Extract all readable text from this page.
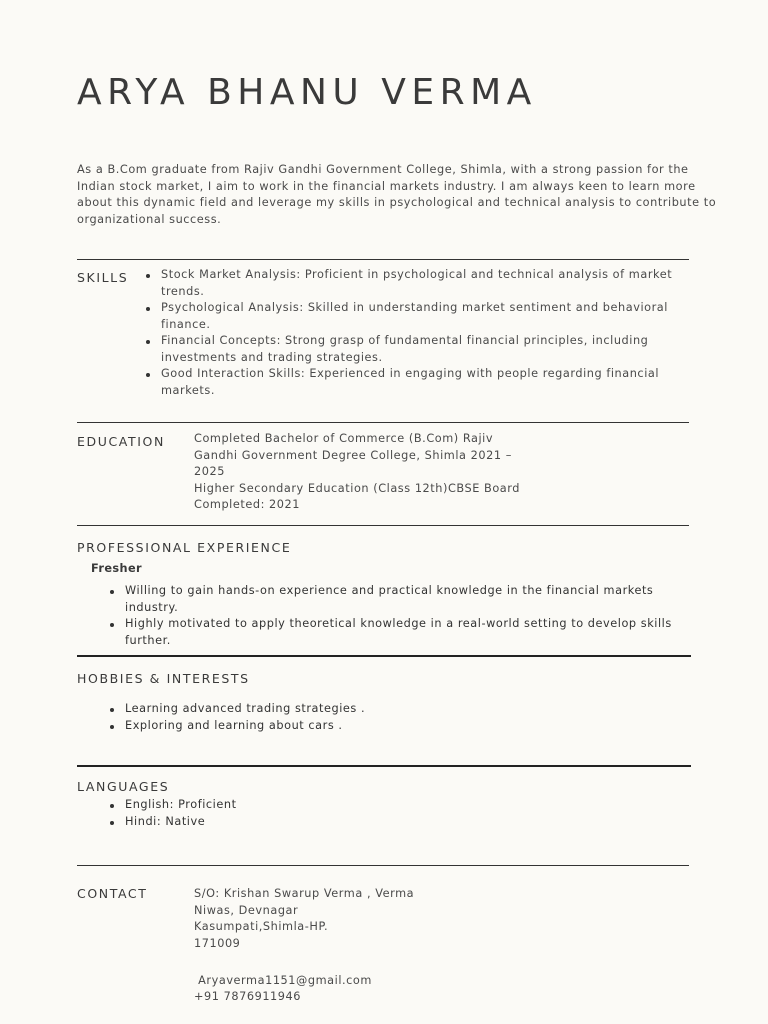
ARYA BHANU VERMA
As a B.Com graduate from Rajiv Gandhi Government College, Shimla, with a strong passion for the Indian stock market, I aim to work in the financial markets industry. I am always keen to learn more about this dynamic field and leverage my skills in psychological and technical analysis to contribute to organizational success.
SKILLS	Stock Market Analysis: Proficient in psychological and technical analysis of market trends.
Psychological Analysis: Skilled in understanding market sentiment and behavioral finance.
Financial Concepts: Strong grasp of fundamental financial principles, including investments and trading strategies.
Good Interaction Skills: Experienced in engaging with people regarding financial markets.
EDUCATION	Completed Bachelor of Commerce (B.Com) Rajiv
Gandhi Government Degree College, Shimla 2021 –
2025
Higher Secondary Education (Class 12th)CBSE Board
Completed: 2021
PROFESSIONAL EXPERIENCE
Fresher
Willing to gain hands-on experience and practical knowledge in the financial markets industry.
Highly motivated to apply theoretical knowledge in a real-world setting to develop skills further.
HOBBIES & INTERESTS
Learning advanced trading strategies .
Exploring and learning about cars .
LANGUAGES
English: Proficient
Hindi: Native
CONTACT	S/O: Krishan Swarup Verma , Verma
Niwas, Devnagar
Kasumpati,Shimla-HP.
171009
Aryaverma1151@gmail.com
+91 7876911946
